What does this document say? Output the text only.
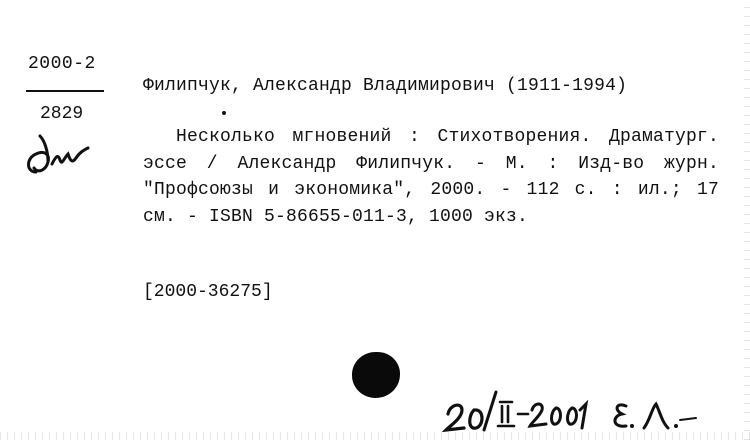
2000-2
2829
Филипчук, Александр Владимирович (1911-1994)
Несколько мгновений : Стихотворения. Драматург. эссе / Александр Филипчук. - М. : Изд-во журн. "Профсоюзы и экономика", 2000. - 112 с. : ил.; 17 см. - ISBN 5-86655-011-3, 1000 экз.
[2000-36275]
